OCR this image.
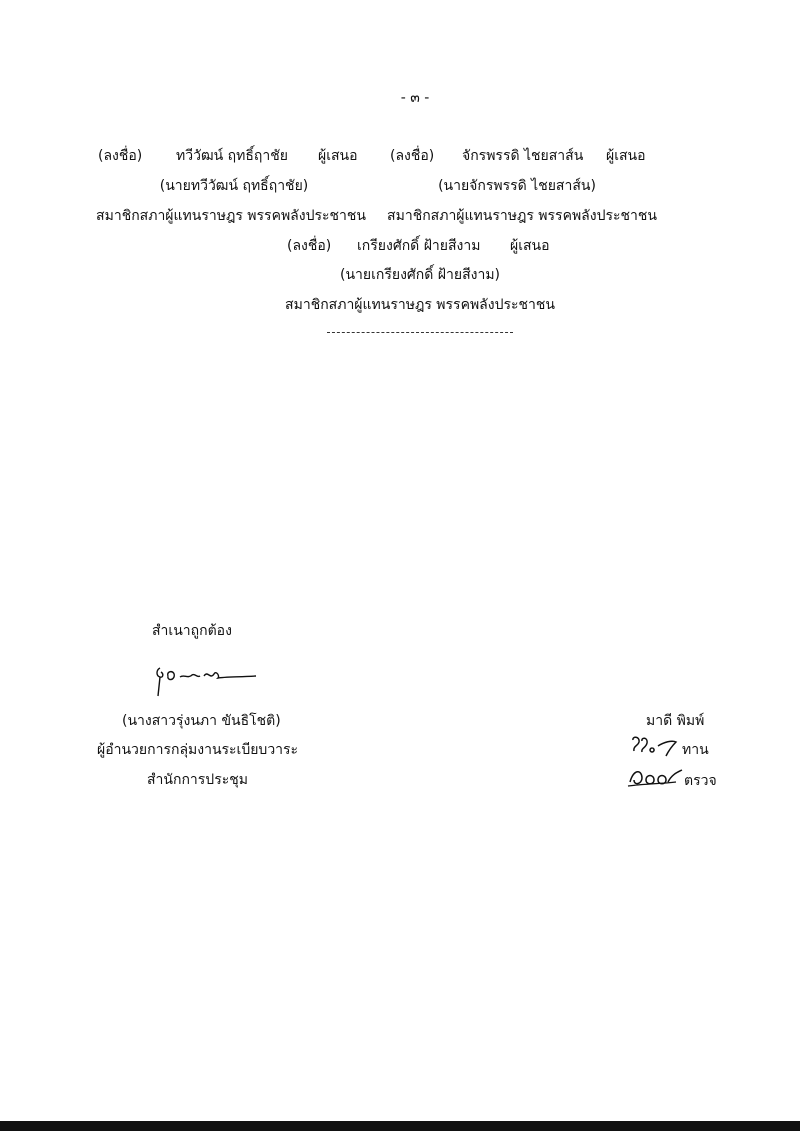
- ๓ -
(ลงชื่อ) ทวีวัฒน์ ฤทธิ์ฤาชัย ผู้เสนอ (ลงชื่อ) จักรพรรดิ ไชยสาส์น ผู้เสนอ
(นายทวีวัฒน์ ฤทธิ์ฤาชัย)	(นายจักรพรรดิ ไชยสาส์น)
สมาชิกสภาผู้แทนราษฎร พรรคพลังประชาชน สมาชิกสภาผู้แทนราษฎร พรรคพลังประชาชน
(ลงชื่อ) เกรียงศักดิ์ ฝ้ายสีงาม ผู้เสนอ
(นายเกรียงศักดิ์ ฝ้ายสีงาม)
สมาชิกสภาผู้แทนราษฎร พรรคพลังประชาชน
สำเนาถูกต้อง
(นางสาวรุ่งนภา ขันธิโชติ)
ผู้อำนวยการกลุ่มงานระเบียบวาระ
สำนักการประชุม
มาดี พิมพ์
ทาน
ตรวจ
